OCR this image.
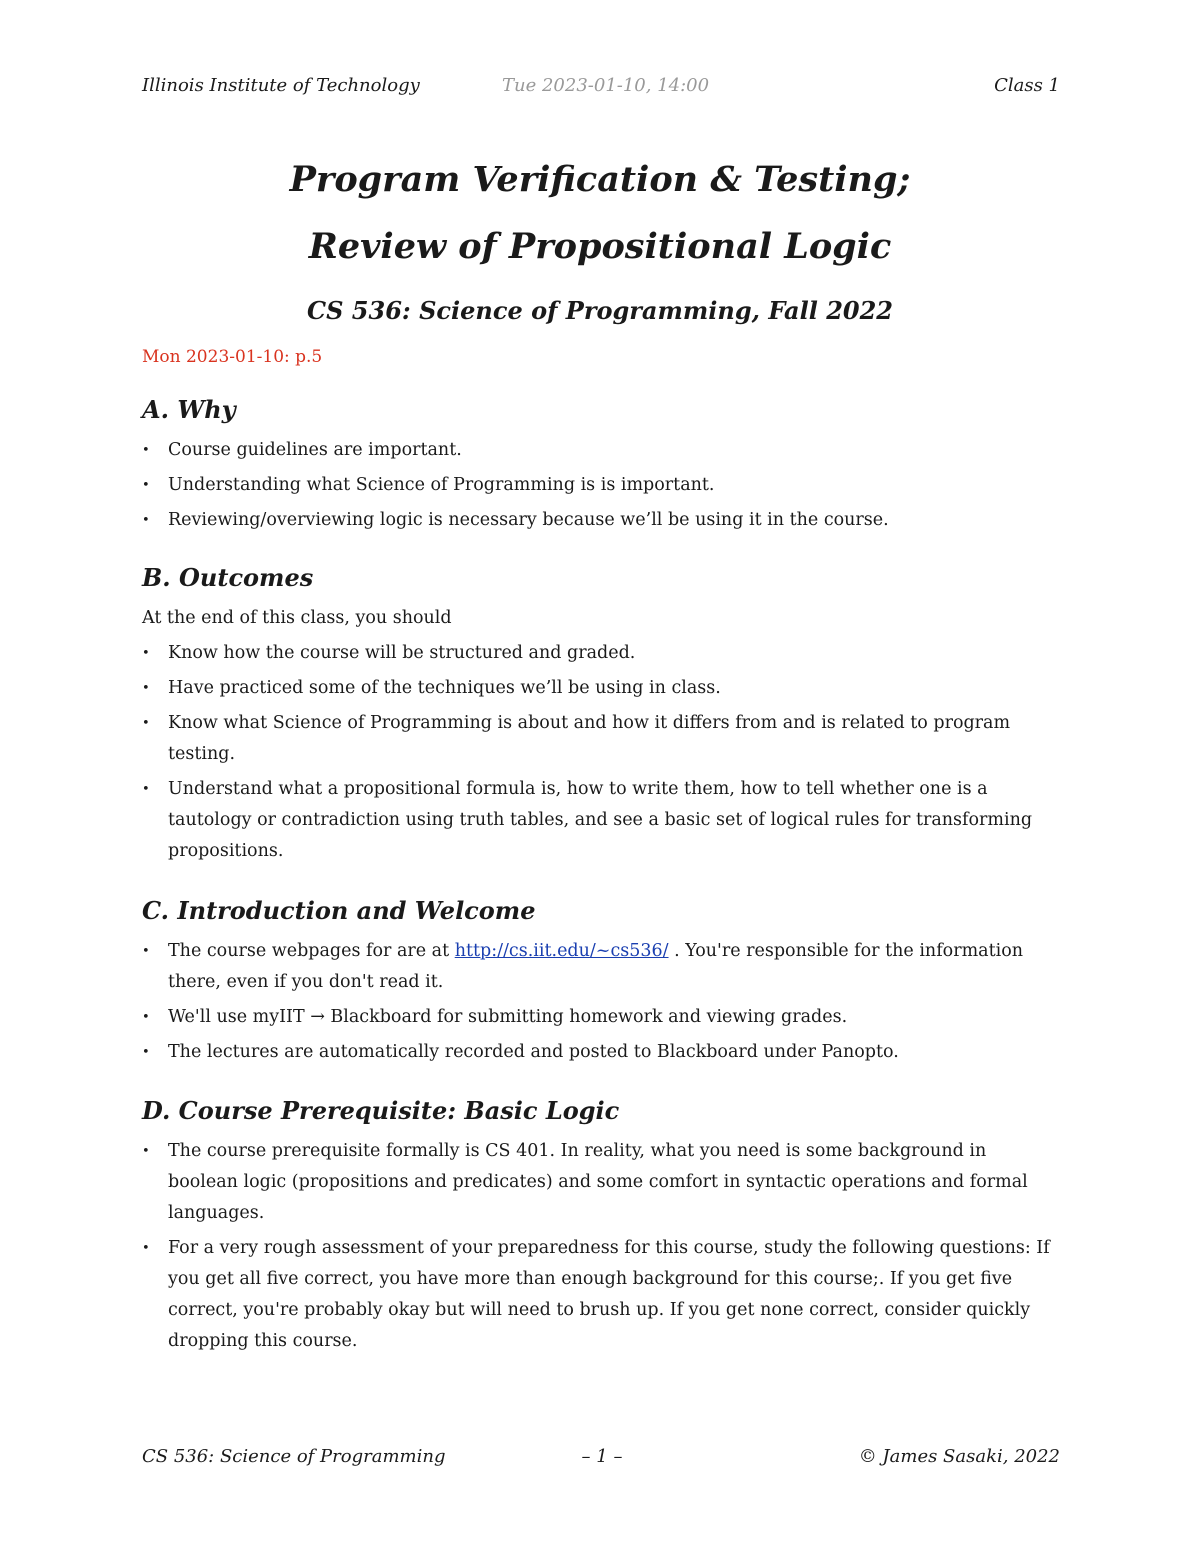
Illinois Institute of Technology	Tue 2023-01-10, 14:00	Class 1
Program Verification & Testing;
Review of Propositional Logic
CS 536: Science of Programming, Fall 2022
Mon 2023-01-10: p.5
A. Why
•	Course guidelines are important.
•	Understanding what Science of Programming is is important.
•	Reviewing/overviewing logic is necessary because we’ll be using it in the course.
B. Outcomes

At the end of this class, you should

•	Know how the course will be structured and graded.
•	Have practiced some of the techniques we’ll be using in class.
•	Know what Science of Programming is about and how it differs from and is related to program testing.
•	Understand what a propositional formula is, how to write them, how to tell whether one is a tautology or contradiction using truth tables, and see a basic set of logical rules for transforming propositions.
C. Introduction and Welcome
•	The course webpages for are at http://cs.iit.edu/~cs536/ . You're responsible for the information there, even if you don't read it.
•	We'll use myIIT → Blackboard for submitting homework and viewing grades.
•	The lectures are automatically recorded and posted to Blackboard under Panopto.
D. Course Prerequisite: Basic Logic
•	The course prerequisite formally is CS 401. In reality, what you need is some background in boolean logic (propositions and predicates) and some comfort in syntactic operations and formal languages.
•	For a very rough assessment of your preparedness for this course, study the following questions: If you get all five correct, you have more than enough background for this course;. If you get five correct, you're probably okay but will need to brush up. If you get none correct, consider quickly dropping this course.
CS 536: Science of Programming	– 1 –	© James Sasaki, 2022
